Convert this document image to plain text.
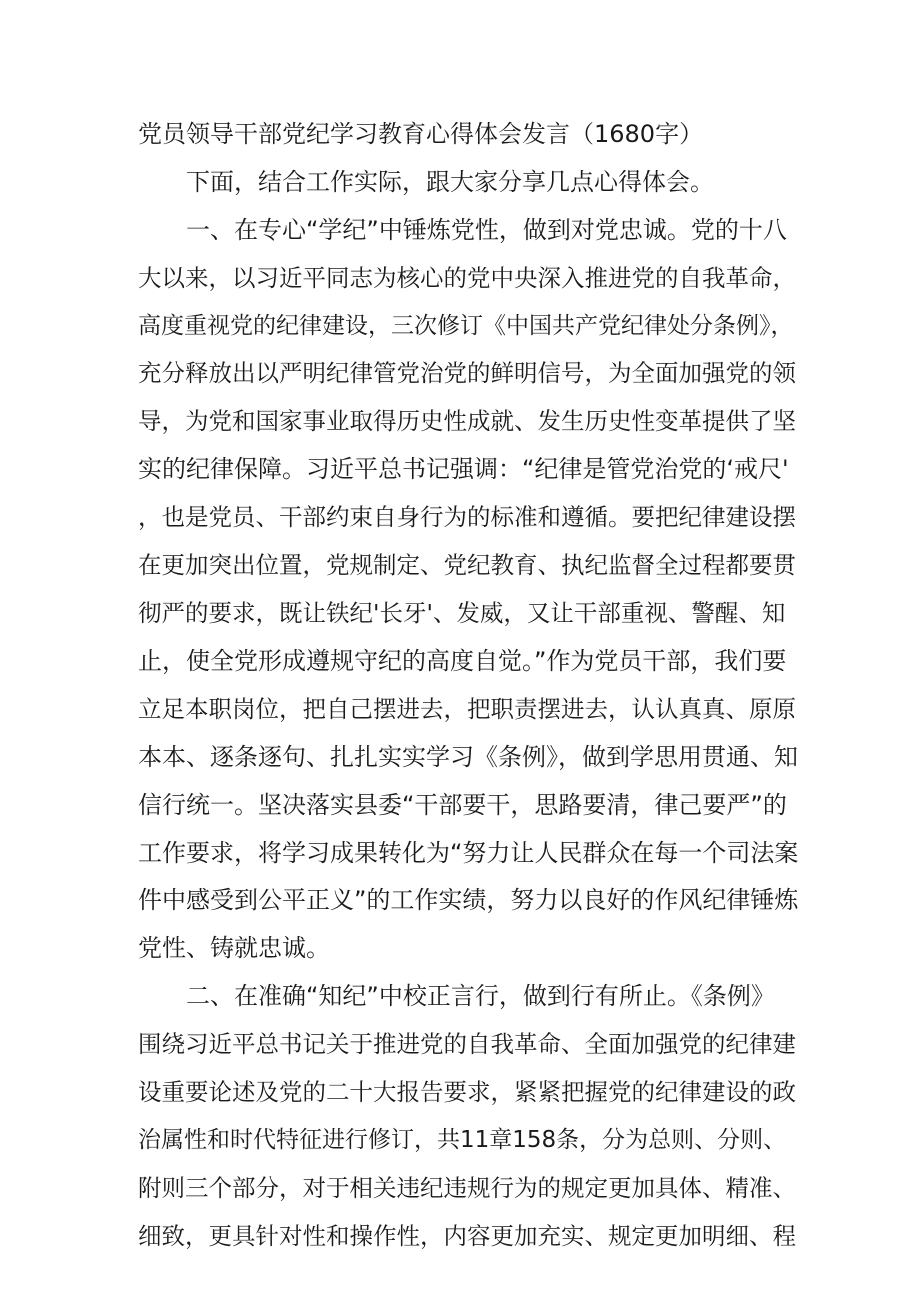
党员领导干部党纪学习教育心得体会发言（1680字）
下面，结合工作实际，跟大家分享几点心得体会。
一、在专心“学纪”中锤炼党性，做到对党忠诚。党的十八
大以来，以习近平同志为核心的党中央深入推进党的自我革命，
高度重视党的纪律建设，三次修订《中国共产党纪律处分条例》，
充分释放出以严明纪律管党治党的鲜明信号，为全面加强党的领
导，为党和国家事业取得历史性成就、发生历史性变革提供了坚
实的纪律保障。习近平总书记强调：“纪律是管党治党的‘戒尺'
，也是党员、干部约束自身行为的标准和遵循。要把纪律建设摆
在更加突出位置，党规制定、党纪教育、执纪监督全过程都要贯
彻严的要求，既让铁纪'长牙'、发威，又让干部重视、警醒、知
止，使全党形成遵规守纪的高度自觉。”作为党员干部，我们要
立足本职岗位，把自己摆进去，把职责摆进去，认认真真、原原
本本、逐条逐句、扎扎实实学习《条例》，做到学思用贯通、知
信行统一。坚决落实县委“干部要干，思路要清，律己要严”的
工作要求，将学习成果转化为“努力让人民群众在每一个司法案
件中感受到公平正义”的工作实绩，努力以良好的作风纪律锤炼
党性、铸就忠诚。
二、在准确“知纪”中校正言行，做到行有所止。《条例》
围绕习近平总书记关于推进党的自我革命、全面加强党的纪律建
设重要论述及党的二十大报告要求，紧紧把握党的纪律建设的政
治属性和时代特征进行修订，共11章158条，分为总则、分则、
附则三个部分，对于相关违纪违规行为的规定更加具体、精准、
细致，更具针对性和操作性，内容更加充实、规定更加明细、程
